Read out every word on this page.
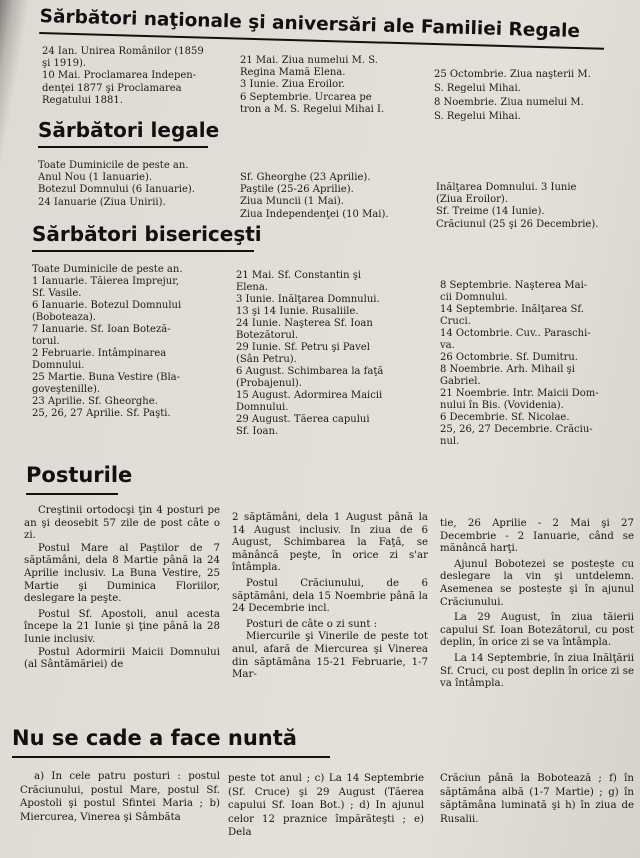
Sărbători naţionale şi aniversări ale Familiei Regale
24 Ian. Unirea Românilor (1859
şi 1919).
10 Mai. Proclamarea Indepen-
denţei 1877 şi Proclamarea
Regatului 1881.
21 Mai. Ziua numelui M. S.
Regina Mamă Elena.
3 Iunie. Ziua Eroilor.
6 Septembrie. Urcarea pe
tron a M. S. Regelui Mihai I.
25 Octombrie. Ziua naşterii M.
S. Regelui Mihai.
8 Noembrie. Ziua numelui M.
S. Regelui Mihai.
Sărbători legale
Toate Duminicile de peste an.
Anul Nou (1 Ianuarie).
Botezul Domnului (6 Ianuarie).
24 Ianuarie (Ziua Unirii).
Sf. Gheorghe (23 Aprilie).
Paştile (25-26 Aprilie).
Ziua Muncii (1 Mai).
Ziua Independenţei (10 Mai).
Inălţarea Domnului. 3 Iunie
(Ziua Eroilor).
Sf. Treime (14 Iunie).
Crăciunul (25 şi 26 Decembrie).
Sărbători bisericeşti
Toate Duminicile de peste an.
1 Ianuarie. Tăierea Imprejur,
Sf. Vasile.
6 Ianuarie. Botezul Domnului
(Boboteaza).
7 Ianuarie. Sf. Ioan Boteză-
torul.
2 Februarie. Intâmpinarea
Domnului.
25 Martie. Buna Vestire (Bla-
goveştenille).
23 Aprilie. Sf. Gheorghe.
25, 26, 27 Aprilie. Sf. Paşti.
21 Mai. Sf. Constantin şi
Elena.
3 Iunie. Inălţarea Domnului.
13 şi 14 Iunie. Rusaliile.
24 Iunie. Naşterea Sf. Ioan
Botezătorul.
29 Iunie. Sf. Petru şi Pavel
(Sân Petru).
6 August. Schimbarea la faţă
(Probajenul).
15 August. Adormirea Maicii
Domnului.
29 August. Tăerea capului
Sf. Ioan.
8 Septembrie. Naşterea Mai-
cii Domnului.
14 Septembrie. Inălţarea Sf.
Cruci.
14 Octombrie. Cuv.. Paraschi-
va.
26 Octombrie. Sf. Dumitru.
8 Noembrie. Arh. Mihail şi
Gabriel.
21 Noembrie. Intr. Maicii Dom-
nului în Bis. (Vovidenia).
6 Decembrie. Sf. Nicolae.
25, 26, 27 Decembrie. Crăciu-
nul.
Posturile

Creştinii ortodocşi ţin 4 posturi pe an şi deosebit 57 zile de post câte o zi.

Postul Mare al Paştilor de 7 săptămâni, dela 8 Martie până la 24 Aprilie inclusiv. La Buna Vestire, 25 Martie şi Duminica Floriilor, deslegare la peşte.

Postul Sf. Apostoli, anul acesta începe la 21 Iunie şi ţine până la 28 Iunie inclusiv.

Postul Adormirii Maicii Domnului (al Sântămăriei) de

2 săptămâni, dela 1 August până la 14 August inclusiv. In ziua de 6 August, Schimbarea la Faţă, se mănâncă peşte, în orice zi s'ar întâmpla.

Postul Crăciunului, de 6 săptămâni, dela 15 Noembrie până la 24 Decembrie incl.

Posturi de câte o zi sunt :

Miercurile şi Vinerile de peste tot anul, afară de Miercurea şi Vinerea din săptămâna 15-21 Februarie, 1-7 Mar-

tie, 26 Aprilie - 2 Mai şi 27 Decembrie - 2 Ianuarie, când se mănâncă harţi.

Ajunul Bobotezei se postește cu deslegare la vin şi untdelemn. Asemenea se postește şi în ajunul Crăciunului.

La 29 August, în ziua tăierii capului Sf. Ioan Botezătorul, cu post deplin, în orice zi se va întâmpla.

La 14 Septembrie, în ziua Inălţării Sf. Cruci, cu post deplin în orice zi se va întâmpla.

Nu se cade a face nuntă

a) In cele patru posturi : postul Crăciunului, postul Mare, postul Sf. Apostoli şi postul Sfintei Maria ; b) Miercurea, Vinerea şi Sâmbăta

peste tot anul ; c) La 14 Septembrie (Sf. Cruce) şi 29 August (Tăerea capului Sf. Ioan Bot.) ; d) In ajunul celor 12 praznice împărăteşti ; e) Dela

Crăciun până la Bobotează ; f) în săptămâna albă (1-7 Martie) ; g) în săptămâna luminată şi h) în ziua de Rusalii.
